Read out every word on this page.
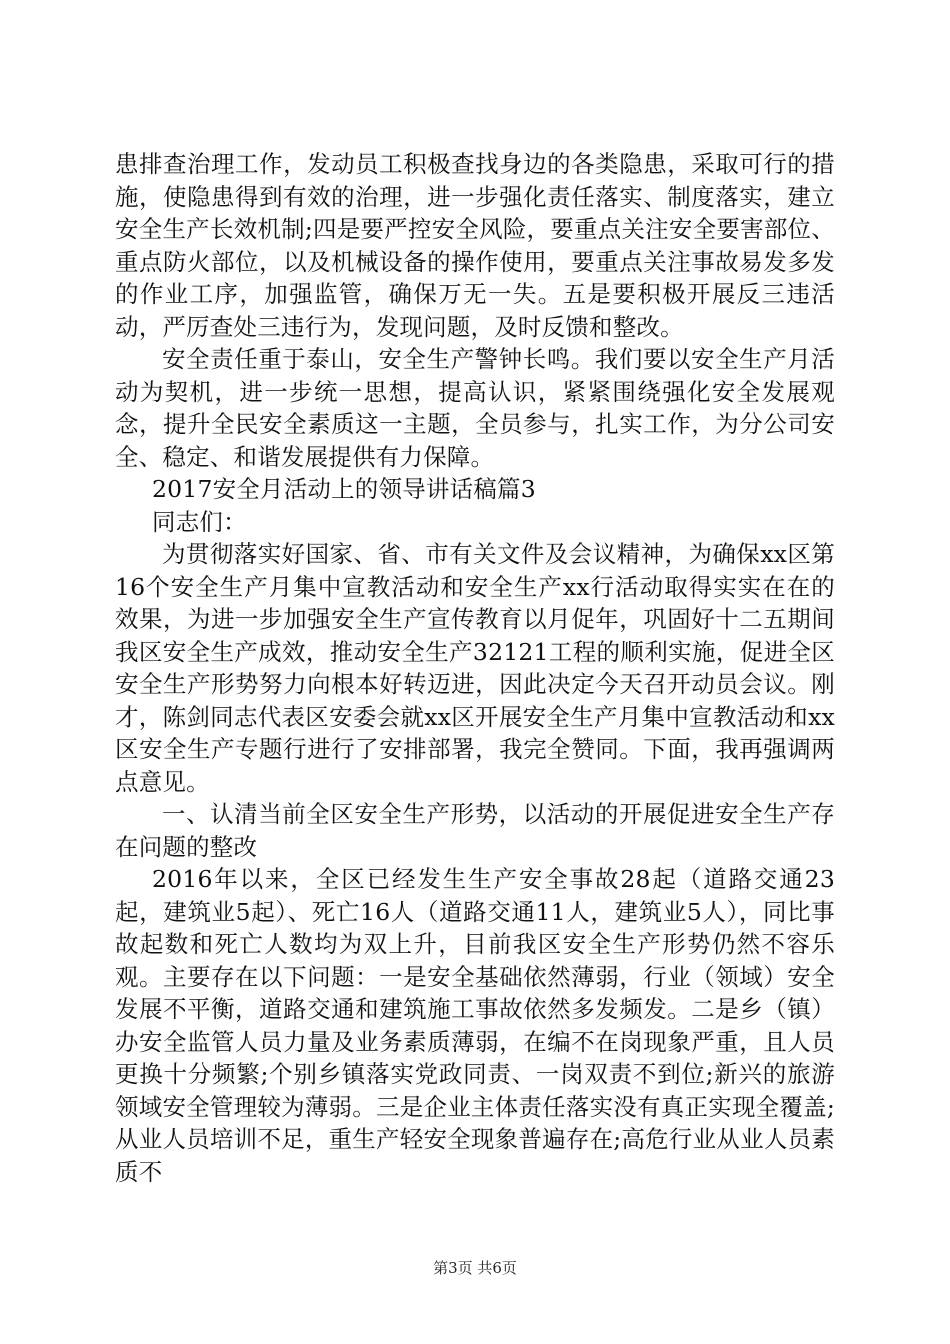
患排查治理工作，发动员工积极查找身边的各类隐患，采取可行的措施，使隐患得到有效的治理，进一步强化责任落实、制度落实，建立安全生产长效机制;四是要严控安全风险，要重点关注安全要害部位、重点防火部位，以及机械设备的操作使用，要重点关注事故易发多发的作业工序，加强监管，确保万无一失。五是要积极开展反三违活动，严厉查处三违行为，发现问题，及时反馈和整改。

安全责任重于泰山，安全生产警钟长鸣。我们要以安全生产月活动为契机，进一步统一思想，提高认识，紧紧围绕强化安全发展观念，提升全民安全素质这一主题，全员参与，扎实工作，为分公司安全、稳定、和谐发展提供有力保障。

2017安全月活动上的领导讲话稿篇3

同志们：

为贯彻落实好国家、省、市有关文件及会议精神，为确保xx区第16个安全生产月集中宣教活动和安全生产xx行活动取得实实在在的效果，为进一步加强安全生产宣传教育以月促年，巩固好十二五期间我区安全生产成效，推动安全生产32121工程的顺利实施，促进全区安全生产形势努力向根本好转迈进，因此决定今天召开动员会议。刚才，陈剑同志代表区安委会就xx区开展安全生产月集中宣教活动和xx区安全生产专题行进行了安排部署，我完全赞同。下面，我再强调两点意见。

一、认清当前全区安全生产形势，以活动的开展促进安全生产存在问题的整改

2016年以来，全区已经发生生产安全事故28起（道路交通23起，建筑业5起）、死亡16人（道路交通11人，建筑业5人），同比事故起数和死亡人数均为双上升，目前我区安全生产形势仍然不容乐观。主要存在以下问题：一是安全基础依然薄弱，行业（领域）安全发展不平衡，道路交通和建筑施工事故依然多发频发。二是乡（镇）办安全监管人员力量及业务素质薄弱，在编不在岗现象严重，且人员更换十分频繁;个别乡镇落实党政同责、一岗双责不到位;新兴的旅游领域安全管理较为薄弱。三是企业主体责任落实没有真正实现全覆盖;从业人员培训不足，重生产轻安全现象普遍存在;高危行业从业人员素质不

第3页 共6页
